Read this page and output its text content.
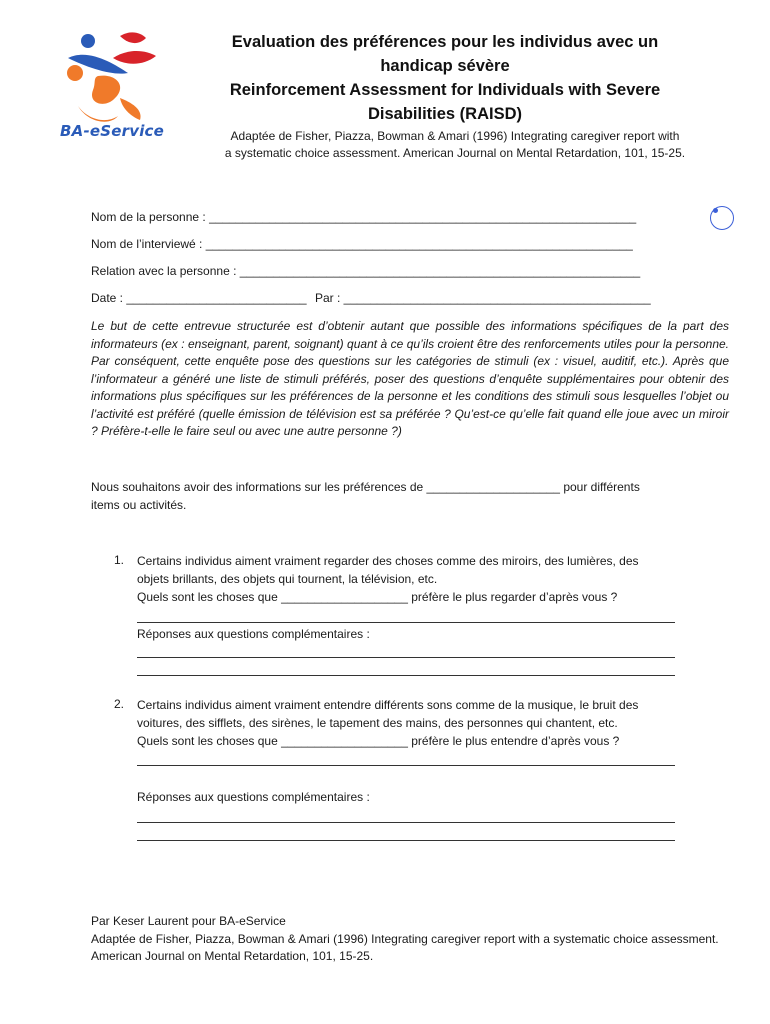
BA-eService
Evaluation des préférences pour les individus avec un
handicap sévère
Reinforcement Assessment for Individuals with Severe
Disabilities (RAISD)
Adaptée de Fisher, Piazza, Bowman & Amari (1996) Integrating caregiver report with
a systematic choice assessment. American Journal on Mental Retardation, 101, 15-25.
Nom de la personne : ________________________________________________________________
Nom de l’interviewé : ________________________________________________________________
Relation avec la personne : ____________________________________________________________
Date : ___________________________ Par : ______________________________________________
Le but de cette entrevue structurée est d’obtenir autant que possible des informations spécifiques de la part des informateurs (ex : enseignant, parent, soignant) quant à ce qu’ils croient être des renforcements utiles pour la personne. Par conséquent, cette enquête pose des questions sur les catégories de stimuli (ex : visuel, auditif, etc.). Après que l’informateur a généré une liste de stimuli préférés, poser des questions d’enquête supplémentaires pour obtenir des informations plus spécifiques sur les préférences de la personne et les conditions des stimuli sous lesquelles l’objet ou l’activité est préféré (quelle émission de télévision est sa préférée ? Qu’est-ce qu’elle fait quand elle joue avec un miroir ? Préfère-t-elle le faire seul ou avec une autre personne ?)
Nous souhaitons avoir des informations sur les préférences de ____________________ pour différents
items ou activités.
1. Certains individus aiment vraiment regarder des choses comme des miroirs, des lumières, des
objets brillants, des objets qui tournent, la télévision, etc.
Quels sont les choses que ___________________ préfère le plus regarder d’après vous ?
Réponses aux questions complémentaires :
2. Certains individus aiment vraiment entendre différents sons comme de la musique, le bruit des
voitures, des sifflets, des sirènes, le tapement des mains, des personnes qui chantent, etc.
Quels sont les choses que ___________________ préfère le plus entendre d’après vous ?
Réponses aux questions complémentaires :
Par Keser Laurent pour BA-eService
Adaptée de Fisher, Piazza, Bowman & Amari (1996) Integrating caregiver report with a systematic choice assessment. American Journal on Mental Retardation, 101, 15-25.
